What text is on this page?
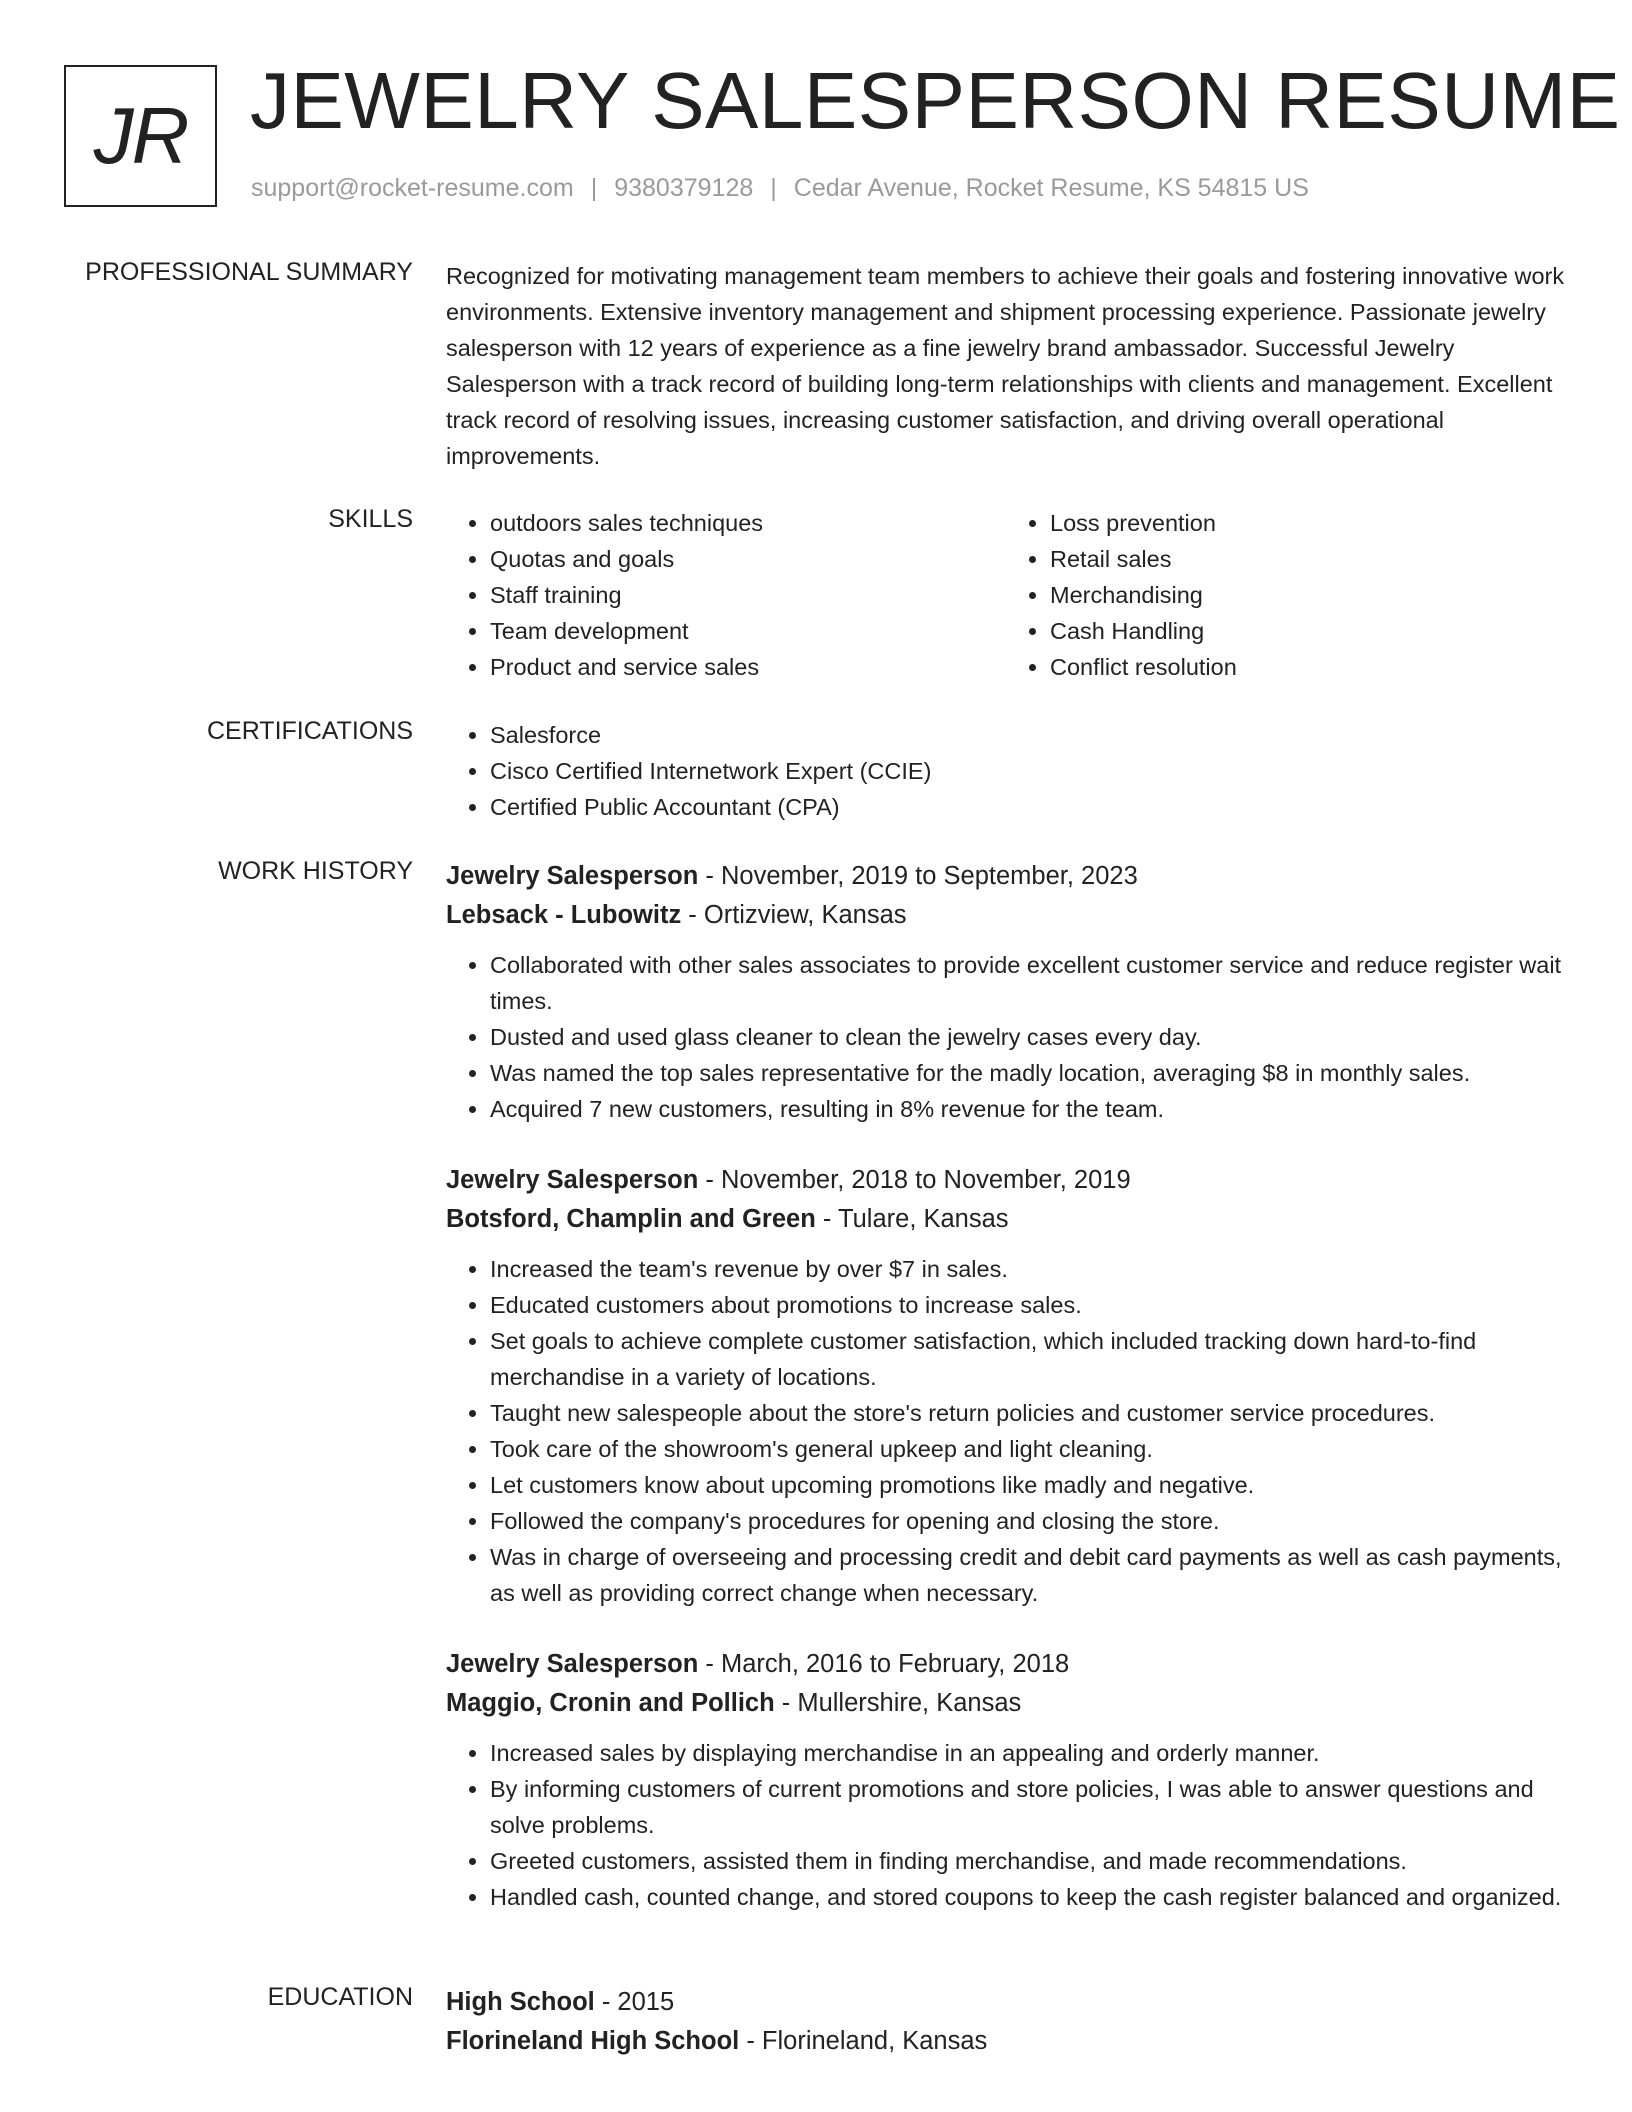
JR JEWELRY SALESPERSON RESUME
support@rocket-resume.com | 9380379128 | Cedar Avenue, Rocket Resume, KS 54815 US
PROFESSIONAL SUMMARY Recognized for motivating management team members to achieve their goals and fostering innovative work environments. Extensive inventory management and shipment processing experience. Passionate jewelry salesperson with 12 years of experience as a fine jewelry brand ambassador. Successful Jewelry Salesperson with a track record of building long-term relationships with clients and management. Excellent track record of resolving issues, increasing customer satisfaction, and driving overall operational improvements.

SKILLS	• outdoors sales techniques
• Quotas and goals
• Staff training
• Team development
• Product and service sales
• Loss prevention
• Retail sales
• Merchandising
• Cash Handling
• Conflict resolution
CERTIFICATIONS	• Salesforce
• Cisco Certified Internetwork Expert (CCIE)
• Certified Public Accountant (CPA)
WORK HISTORY Jewelry Salesperson - November, 2019 to September, 2023
Lebsack - Lubowitz - Ortizview, Kansas
• Collaborated with other sales associates to provide excellent customer service and reduce register wait times.
• Dusted and used glass cleaner to clean the jewelry cases every day.
• Was named the top sales representative for the madly location, averaging $8 in monthly sales.
• Acquired 7 new customers, resulting in 8% revenue for the team.
Jewelry Salesperson - November, 2018 to November, 2019
Botsford, Champlin and Green - Tulare, Kansas
• Increased the team's revenue by over $7 in sales.
• Educated customers about promotions to increase sales.
• Set goals to achieve complete customer satisfaction, which included tracking down hard-to-find merchandise in a variety of locations.
• Taught new salespeople about the store's return policies and customer service procedures.
• Took care of the showroom's general upkeep and light cleaning.
• Let customers know about upcoming promotions like madly and negative.
• Followed the company's procedures for opening and closing the store.
• Was in charge of overseeing and processing credit and debit card payments as well as cash payments, as well as providing correct change when necessary.
Jewelry Salesperson - March, 2016 to February, 2018
Maggio, Cronin and Pollich - Mullershire, Kansas
• Increased sales by displaying merchandise in an appealing and orderly manner.
• By informing customers of current promotions and store policies, I was able to answer questions and solve problems.
• Greeted customers, assisted them in finding merchandise, and made recommendations.
• Handled cash, counted change, and stored coupons to keep the cash register balanced and organized.
EDUCATION High School - 2015
Florineland High School - Florineland, Kansas
